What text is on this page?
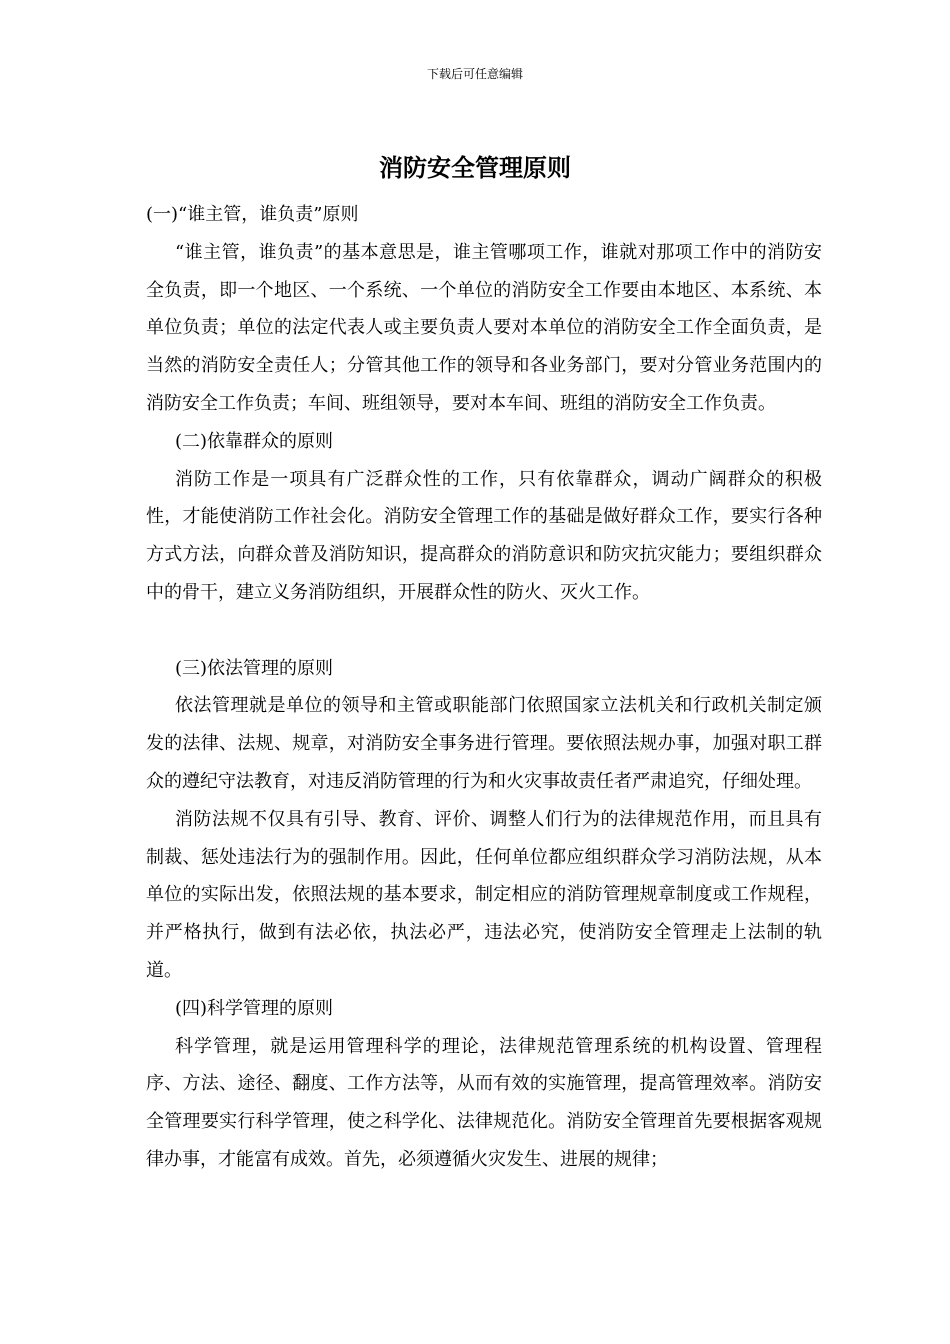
下载后可任意编辑
消防安全管理原则

(一)“谁主管，谁负责”原则

“谁主管，谁负责”的基本意思是，谁主管哪项工作，谁就对那项工作中的消防安全负责，即一个地区、一个系统、一个单位的消防安全工作要由本地区、本系统、本单位负责；单位的法定代表人或主要负责人要对本单位的消防安全工作全面负责，是当然的消防安全责任人；分管其他工作的领导和各业务部门，要对分管业务范围内的消防安全工作负责；车间、班组领导，要对本车间、班组的消防安全工作负责。

(二)依靠群众的原则

消防工作是一项具有广泛群众性的工作，只有依靠群众，调动广阔群众的积极性，才能使消防工作社会化。消防安全管理工作的基础是做好群众工作，要实行各种方式方法，向群众普及消防知识，提高群众的消防意识和防灾抗灾能力；要组织群众中的骨干，建立义务消防组织，开展群众性的防火、灭火工作。

(三)依法管理的原则

依法管理就是单位的领导和主管或职能部门依照国家立法机关和行政机关制定颁发的法律、法规、规章，对消防安全事务进行管理。要依照法规办事，加强对职工群众的遵纪守法教育，对违反消防管理的行为和火灾事故责任者严肃追究，仔细处理。

消防法规不仅具有引导、教育、评价、调整人们行为的法律规范作用，而且具有制裁、惩处违法行为的强制作用。因此，任何单位都应组织群众学习消防法规，从本单位的实际出发，依照法规的基本要求，制定相应的消防管理规章制度或工作规程，并严格执行，做到有法必依，执法必严，违法必究，使消防安全管理走上法制的轨道。

(四)科学管理的原则

科学管理，就是运用管理科学的理论，法律规范管理系统的机构设置、管理程序、方法、途径、翻度、工作方法等，从而有效的实施管理，提高管理效率。消防安全管理要实行科学管理，使之科学化、法律规范化。消防安全管理首先要根据客观规律办事，才能富有成效。首先，必须遵循火灾发生、进展的规律；
